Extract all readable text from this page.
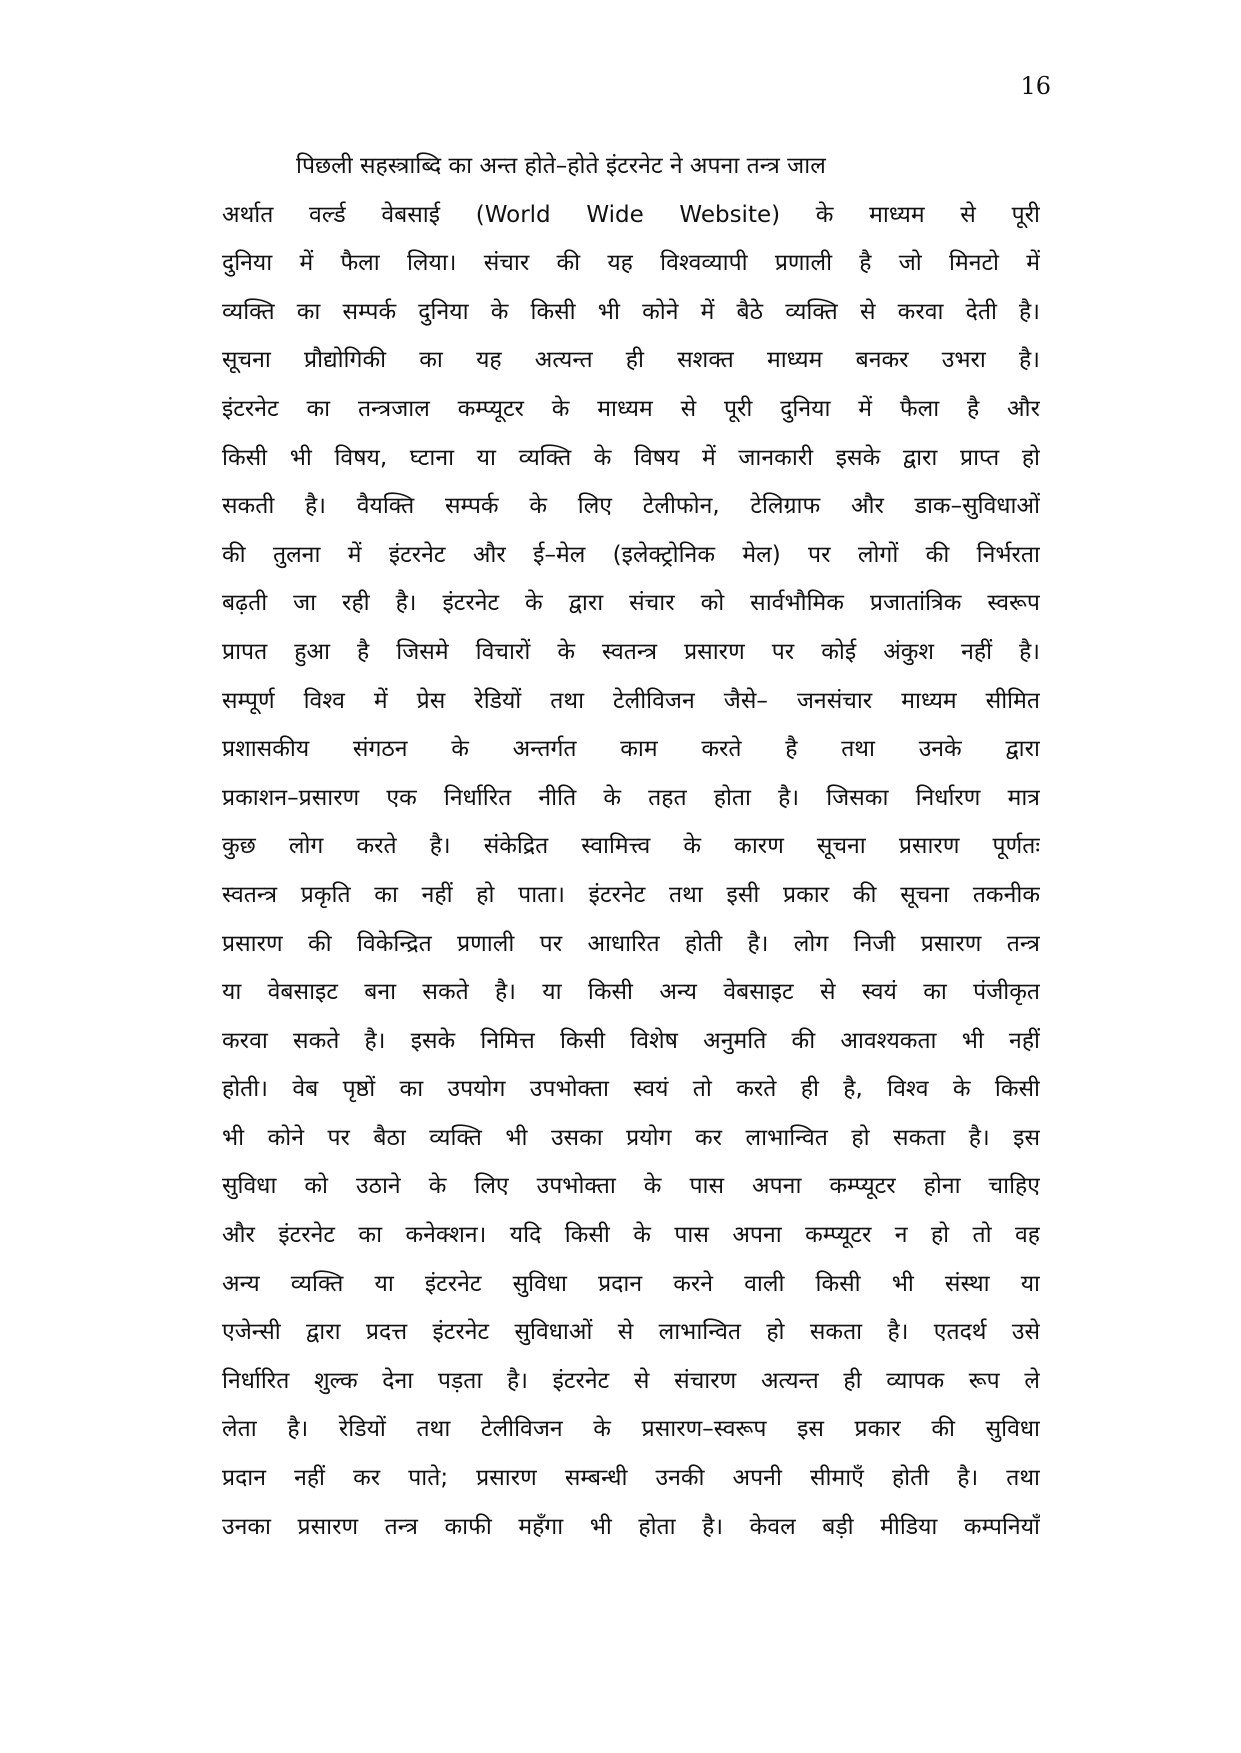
16
पिछली सहस्त्राब्दि का अन्त होते–होते इंटरनेट ने अपना तन्त्र जाल
अर्थात वर्ल्ड वेबसाई (World Wide Website) के माध्यम से पूरी
दुनिया में फैला लिया। संचार की यह विश्वव्यापी प्रणाली है जो मिनटो में
व्यक्ति का सम्पर्क दुनिया के किसी भी कोने में बैठे व्यक्ति से करवा देती है।
सूचना प्रौद्योगिकी का यह अत्यन्त ही सशक्त माध्यम बनकर उभरा है।
इंटरनेट का तन्त्रजाल कम्प्यूटर के माध्यम से पूरी दुनिया में फैला है और
किसी भी विषय, घ्टाना या व्यक्ति के विषय में जानकारी इसके द्वारा प्राप्त हो
सकती है। वैयक्ति सम्पर्क के लिए टेलीफोन, टेलिग्राफ और डाक–सुविधाओं
की तुलना में इंटरनेट और ई–मेल (इलेक्ट्रोनिक मेल) पर लोगों की निर्भरता
बढ़ती जा रही है। इंटरनेट के द्वारा संचार को सार्वभौमिक प्रजातांत्रिक स्वरूप
प्रापत हुआ है जिसमे विचारों के स्वतन्त्र प्रसारण पर कोई अंकुश नहीं है।
सम्पूर्ण विश्व में प्रेस रेडियों तथा टेलीविजन जैसे– जनसंचार माध्यम सीमित
प्रशासकीय संगठन के अन्तर्गत काम करते है तथा उनके द्वारा
प्रकाशन–प्रसारण एक निर्धारित नीति के तहत होता है। जिसका निर्धारण मात्र
कुछ लोग करते है। संकेद्रित स्वामित्त्व के कारण सूचना प्रसारण पूर्णतः
स्वतन्त्र प्रकृति का नहीं हो पाता। इंटरनेट तथा इसी प्रकार की सूचना तकनीक
प्रसारण की विकेन्द्रित प्रणाली पर आधारित होती है। लोग निजी प्रसारण तन्त्र
या वेबसाइट बना सकते है। या किसी अन्य वेबसाइट से स्वयं का पंजीकृत
करवा सकते है। इसके निमित्त किसी विशेष अनुमति की आवश्यकता भी नहीं
होती। वेब पृष्ठों का उपयोग उपभोक्ता स्वयं तो करते ही है, विश्व के किसी
भी कोने पर बैठा व्यक्ति भी उसका प्रयोग कर लाभान्वित हो सकता है। इस
सुविधा को उठाने के लिए उपभोक्ता के पास अपना कम्प्यूटर होना चाहिए
और इंटरनेट का कनेक्शन। यदि किसी के पास अपना कम्प्यूटर न हो तो वह
अन्य व्यक्ति या इंटरनेट सुविधा प्रदान करने वाली किसी भी संस्था या
एजेन्सी द्वारा प्रदत्त इंटरनेट सुविधाओं से लाभान्वित हो सकता है। एतदर्थ उसे
निर्धारित शुल्क देना पड़ता है। इंटरनेट से संचारण अत्यन्त ही व्यापक रूप ले
लेता है। रेडियों तथा टेलीविजन के प्रसारण–स्वरूप इस प्रकार की सुविधा
प्रदान नहीं कर पाते; प्रसारण सम्बन्धी उनकी अपनी सीमाएँ होती है। तथा
उनका प्रसारण तन्त्र काफी महँगा भी होता है। केवल बड़ी मीडिया कम्पनियाँ
